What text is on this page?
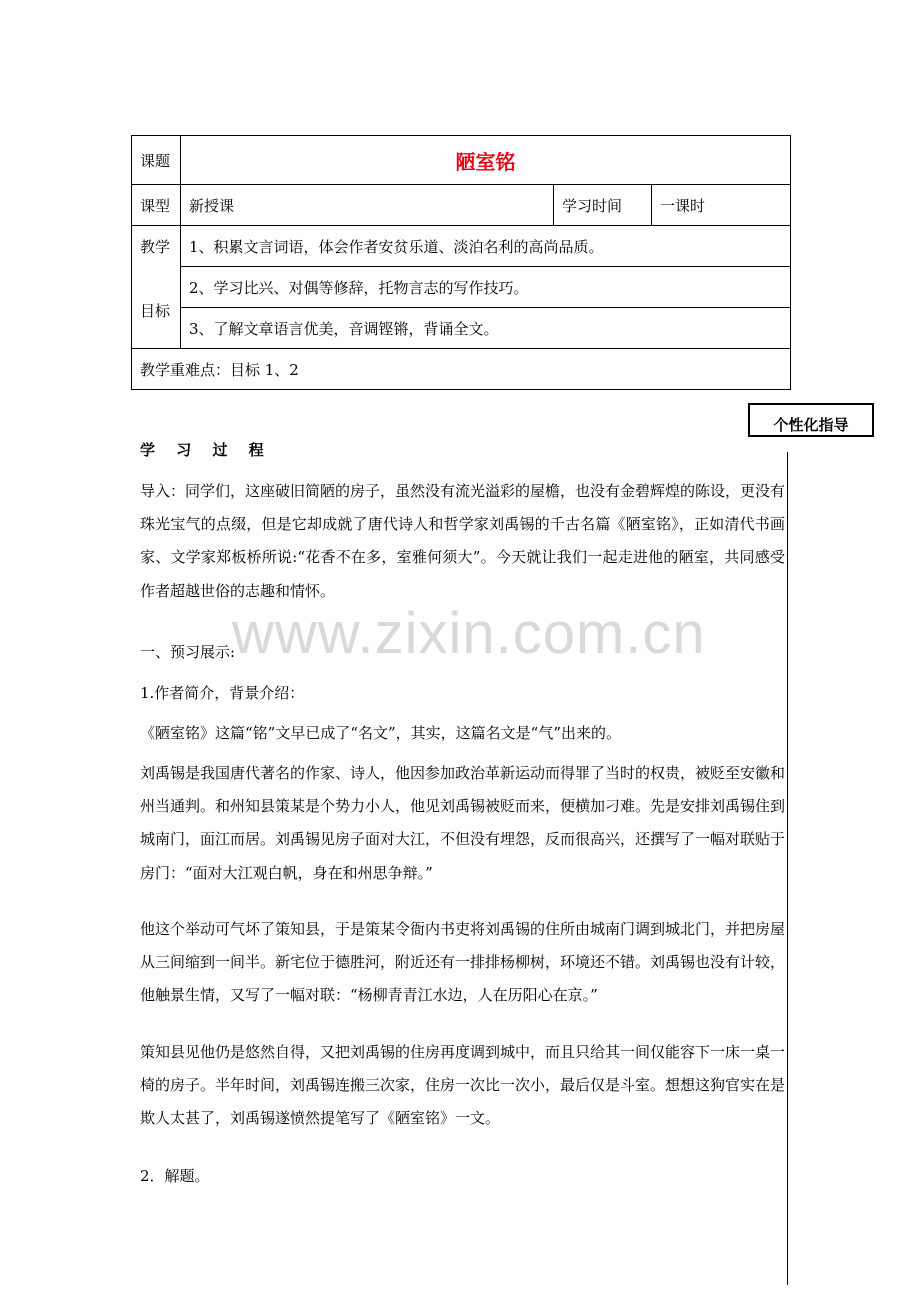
课题	陋室铭		
课型	新授课	学习时间	一课时

教学
目标	1、积累文言词语，体会作者安贫乐道、淡泊名利的高尚品质。		
	2、学习比兴、对偶等修辞，托物言志的写作技巧。		
	3、了解文章语言优美，音调铿锵，背诵全文。		
教学重难点：目标 1、2			
个性化指导
学 习 过 程

导入：同学们，这座破旧简陋的房子，虽然没有流光溢彩的屋檐，也没有金碧辉煌的陈设，更没有珠光宝气的点缀，但是它却成就了唐代诗人和哲学家刘禹锡的千古名篇《陋室铭》，正如清代书画家、文学家郑板桥所说:“花香不在多，室雅何须大”。今天就让我们一起走进他的陋室，共同感受作者超越世俗的志趣和情怀。

一、预习展示:

1.作者简介，背景介绍：

《陋室铭》这篇“铭”文早已成了“名文”，其实，这篇名文是“气”出来的。

刘禹锡是我国唐代著名的作家、诗人，他因参加政治革新运动而得罪了当时的权贵，被贬至安徽和州当通判。和州知县策某是个势力小人，他见刘禹锡被贬而来，便横加刁难。先是安排刘禹锡住到城南门，面江而居。刘禹锡见房子面对大江，不但没有埋怨，反而很高兴，还撰写了一幅对联贴于房门：“面对大江观白帆，身在和州思争辩。”

他这个举动可气坏了策知县，于是策某令衙内书吏将刘禹锡的住所由城南门调到城北门，并把房屋从三间缩到一间半。新宅位于德胜河，附近还有一排排杨柳树，环境还不错。刘禹锡也没有计较，他触景生情，又写了一幅对联：“杨柳青青江水边，人在历阳心在京。”

策知县见他仍是悠然自得，又把刘禹锡的住房再度调到城中，而且只给其一间仅能容下一床一桌一椅的房子。半年时间，刘禹锡连搬三次家，住房一次比一次小，最后仅是斗室。想想这狗官实在是欺人太甚了，刘禹锡遂愤然提笔写了《陋室铭》一文。

2．解题。

www.zixin.com.cn
